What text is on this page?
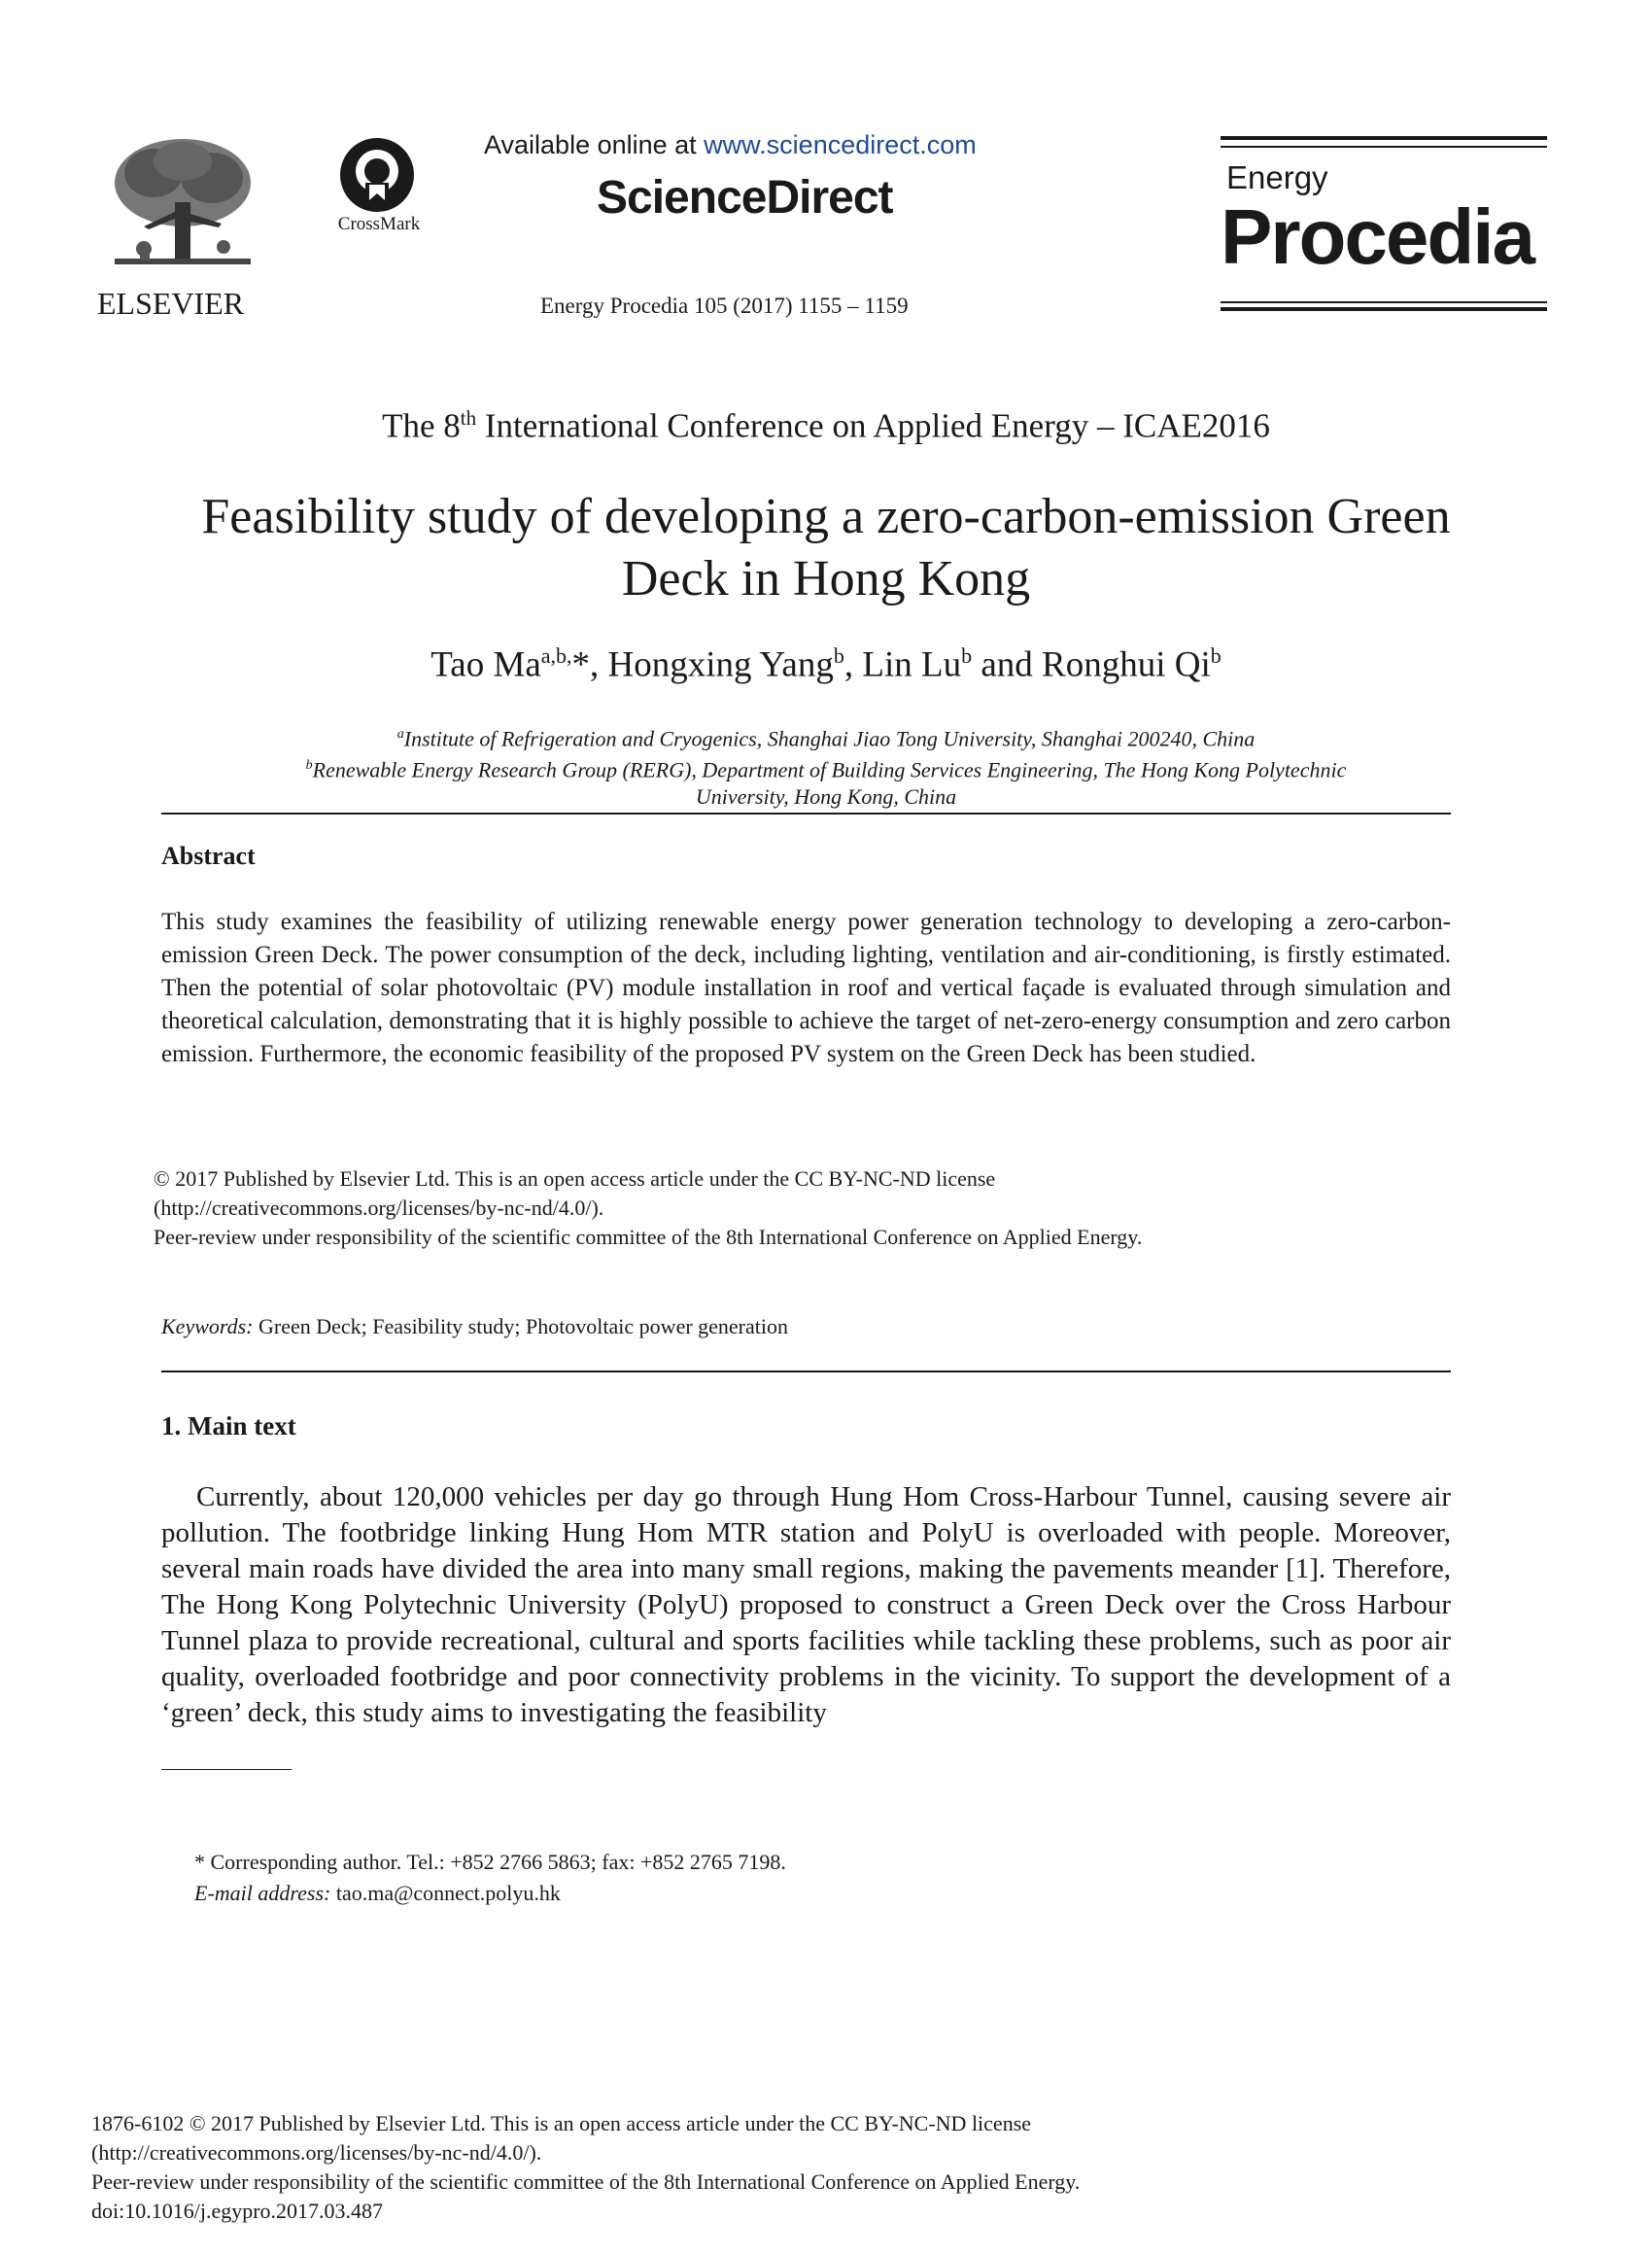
ELSEVIER
CrossMark
Available online at www.sciencedirect.com
ScienceDirect
Energy Procedia 105 (2017) 1155 – 1159
Energy
Procedia
The 8th International Conference on Applied Energy – ICAE2016
Feasibility study of developing a zero-carbon-emission Green
Deck in Hong Kong
Tao $Ma^{a,b,}*$, Hongxing Yang$^b$, Lin Lu$^b$ and Ronghui Qi$^b$
$^a$Institute of Refrigeration and Cryogenics, Shanghai Jiao Tong University, Shanghai 200240, China
$^b$Renewable Energy Research Group (RERG), Department of Building Services Engineering, The Hong Kong Polytechnic
University, Hong Kong, China
Abstract
This study examines the feasibility of utilizing renewable energy power generation technology to developing a zero-carbon-emission Green Deck. The power consumption of the deck, including lighting, ventilation and air-conditioning, is firstly estimated. Then the potential of solar photovoltaic (PV) module installation in roof and vertical façade is evaluated through simulation and theoretical calculation, demonstrating that it is highly possible to achieve the target of net-zero-energy consumption and zero carbon emission. Furthermore, the economic feasibility of the proposed PV system on the Green Deck has been studied.
© 2017 Published by Elsevier Ltd. This is an open access article under the CC BY-NC-ND license
(http://creativecommons.org/licenses/by-nc-nd/4.0/).
Peer-review under responsibility of the scientific committee of the 8th International Conference on Applied Energy.
Keywords: Green Deck; Feasibility study; Photovoltaic power generation
1. Main text
Currently, about 120,000 vehicles per day go through Hung Hom Cross-Harbour Tunnel, causing severe air pollution. The footbridge linking Hung Hom MTR station and PolyU is overloaded with people. Moreover, several main roads have divided the area into many small regions, making the pavements meander [1]. Therefore, The Hong Kong Polytechnic University (PolyU) proposed to construct a Green Deck over the Cross Harbour Tunnel plaza to provide recreational, cultural and sports facilities while tackling these problems, such as poor air quality, overloaded footbridge and poor connectivity problems in the vicinity. To support the development of a ‘green’ deck, this study aims to investigating the feasibility
* Corresponding author. Tel.: +852 2766 5863; fax: +852 2765 7198.
E-mail address: tao.ma@connect.polyu.hk
1876-6102 © 2017 Published by Elsevier Ltd. This is an open access article under the CC BY-NC-ND license
(http://creativecommons.org/licenses/by-nc-nd/4.0/).
Peer-review under responsibility of the scientific committee of the 8th International Conference on Applied Energy.
doi:10.1016/j.egypro.2017.03.487
